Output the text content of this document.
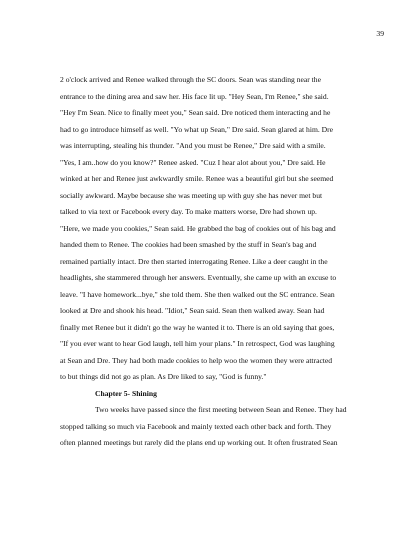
39
2 o'clock arrived and Renee walked through the SC doors. Sean was standing near the
entrance to the dining area and saw her. His face lit up. "Hey Sean, I'm Renee," she said.
"Hey I'm Sean. Nice to finally meet you," Sean said. Dre noticed them interacting and he
had to go introduce himself as well. "Yo what up Sean," Dre said. Sean glared at him. Dre
was interrupting, stealing his thunder. "And you must be Renee," Dre said with a smile.
"Yes, I am..how do you know?" Renee asked. "Cuz I hear alot about you," Dre said. He
winked at her and Renee just awkwardly smile. Renee was a beautiful girl but she seemed
socially awkward. Maybe because she was meeting up with guy she has never met but
talked to via text or Facebook every day. To make matters worse, Dre had shown up.
"Here, we made you cookies," Sean said. He grabbed the bag of cookies out of his bag and
handed them to Renee. The cookies had been smashed by the stuff in Sean's bag and
remained partially intact. Dre then started interrogating Renee. Like a deer caught in the
headlights, she stammered through her answers. Eventually, she came up with an excuse to
leave. "I have homework...bye," she told them. She then walked out the SC entrance. Sean
looked at Dre and shook his head. "Idiot," Sean said. Sean then walked away. Sean had
finally met Renee but it didn't go the way he wanted it to. There is an old saying that goes,
"If you ever want to hear God laugh, tell him your plans." In retrospect, God was laughing
at Sean and Dre. They had both made cookies to help woo the women they were attracted
to but things did not go as plan. As Dre liked to say, "God is funny."
Chapter 5- Shining
Two weeks have passed since the first meeting between Sean and Renee. They had
stopped talking so much via Facebook and mainly texted each other back and forth. They
often planned meetings but rarely did the plans end up working out. It often frustrated Sean
